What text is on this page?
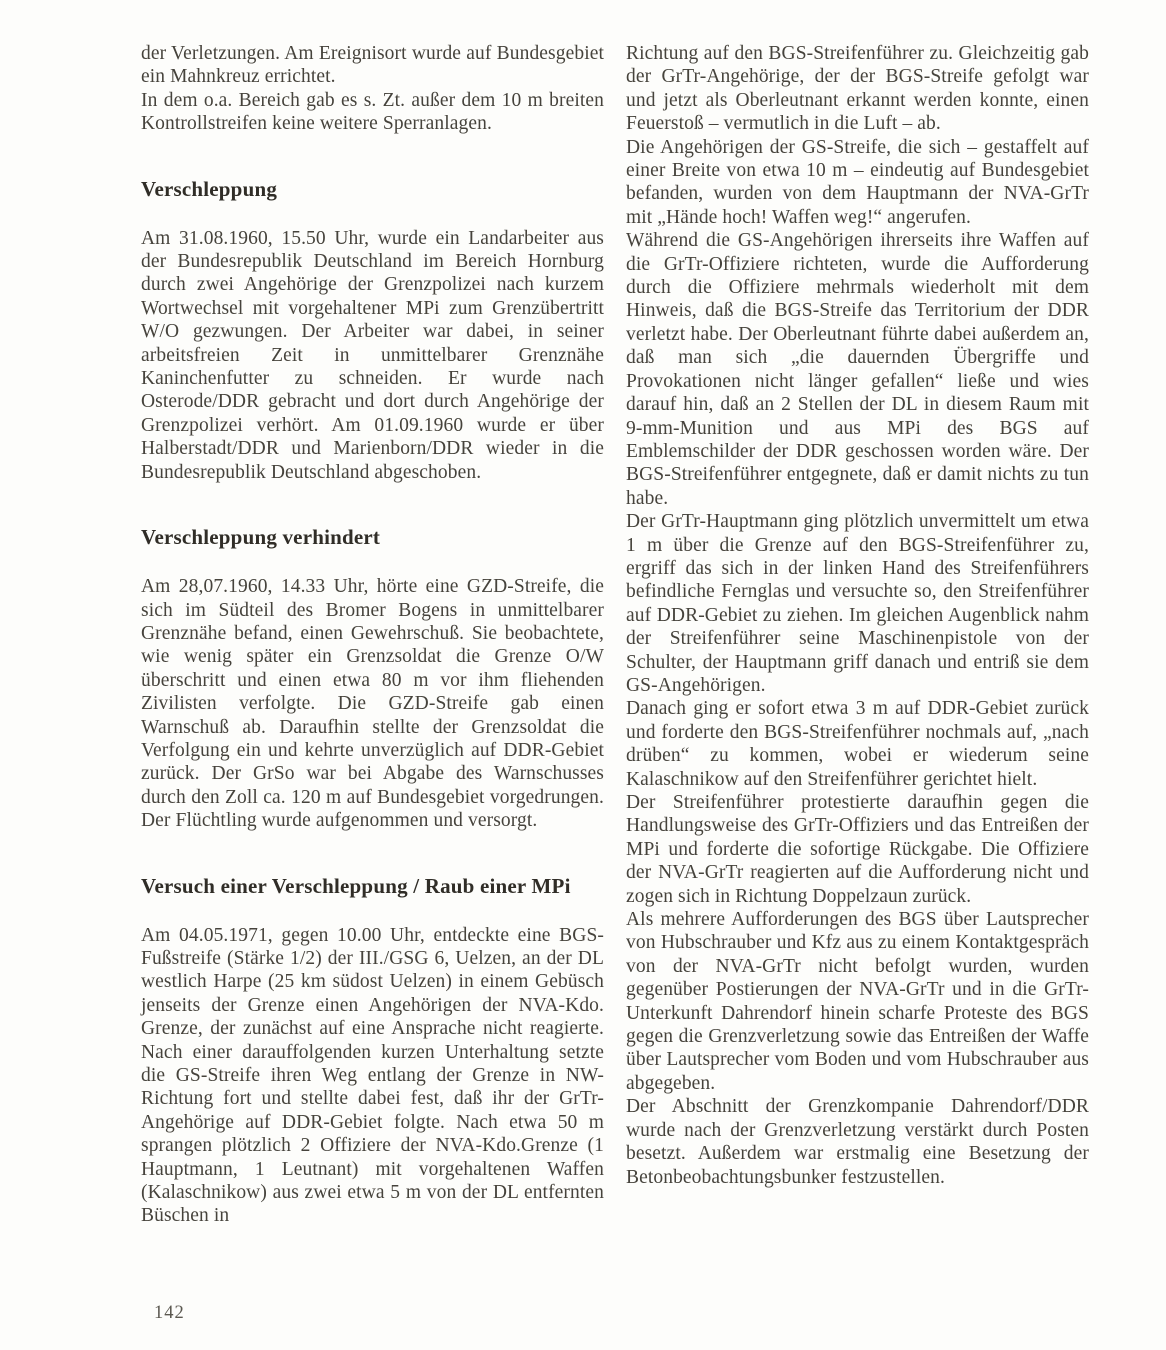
der Verletzungen. Am Ereignisort wurde auf Bundesgebiet ein Mahnkreuz errichtet.

In dem o.a. Bereich gab es s. Zt. außer dem 10 m breiten Kontrollstreifen keine weitere Sperranlagen.

Verschleppung

Am 31.08.1960, 15.50 Uhr, wurde ein Landarbeiter aus der Bundesrepublik Deutschland im Bereich Hornburg durch zwei Angehörige der Grenzpolizei nach kurzem Wortwechsel mit vorgehaltener MPi zum Grenzübertritt W/O gezwungen. Der Arbeiter war dabei, in seiner arbeitsfreien Zeit in unmittelbarer Grenznähe Kaninchenfutter zu schneiden. Er wurde nach Osterode/DDR gebracht und dort durch Angehörige der Grenzpolizei verhört. Am 01.09.1960 wurde er über Halberstadt/DDR und Marienborn/DDR wieder in die Bundesrepublik Deutschland abgeschoben.

Verschleppung verhindert

Am 28,07.1960, 14.33 Uhr, hörte eine GZD-Streife, die sich im Südteil des Bromer Bogens in unmittelbarer Grenznähe befand, einen Gewehrschuß. Sie beobachtete, wie wenig später ein Grenzsoldat die Grenze O/W überschritt und einen etwa 80 m vor ihm fliehenden Zivilisten verfolgte. Die GZD-Streife gab einen Warnschuß ab. Daraufhin stellte der Grenzsoldat die Verfolgung ein und kehrte unverzüglich auf DDR-Gebiet zurück. Der GrSo war bei Abgabe des Warnschusses durch den Zoll ca. 120 m auf Bundesgebiet vorgedrungen. Der Flüchtling wurde aufgenommen und versorgt.

Versuch einer Verschleppung / Raub einer MPi

Am 04.05.1971, gegen 10.00 Uhr, entdeckte eine BGS-Fußstreife (Stärke 1/2) der III./GSG 6, Uelzen, an der DL westlich Harpe (25 km südost Uelzen) in einem Gebüsch jenseits der Grenze einen Angehörigen der NVA-Kdo. Grenze, der zunächst auf eine Ansprache nicht reagierte. Nach einer darauffolgenden kurzen Unterhaltung setzte die GS-Streife ihren Weg entlang der Grenze in NW-Richtung fort und stellte dabei fest, daß ihr der GrTr-Angehörige auf DDR-Gebiet folgte. Nach etwa 50 m sprangen plötzlich 2 Offiziere der NVA-Kdo.Grenze (1 Hauptmann, 1 Leutnant) mit vorgehaltenen Waffen (Kalaschnikow) aus zwei etwa 5 m von der DL entfernten Büschen in

Richtung auf den BGS-Streifenführer zu. Gleichzeitig gab der GrTr-Angehörige, der der BGS-Streife gefolgt war und jetzt als Oberleutnant erkannt werden konnte, einen Feuerstoß – vermutlich in die Luft – ab.

Die Angehörigen der GS-Streife, die sich – gestaffelt auf einer Breite von etwa 10 m – eindeutig auf Bundesgebiet befanden, wurden von dem Hauptmann der NVA-GrTr mit „Hände hoch! Waffen weg!“ angerufen.

Während die GS-Angehörigen ihrerseits ihre Waffen auf die GrTr-Offiziere richteten, wurde die Aufforderung durch die Offiziere mehrmals wiederholt mit dem Hinweis, daß die BGS-Streife das Territorium der DDR verletzt habe. Der Oberleutnant führte dabei außerdem an, daß man sich „die dauernden Übergriffe und Provokationen nicht länger gefallen“ ließe und wies darauf hin, daß an 2 Stellen der DL in diesem Raum mit 9-mm-Munition und aus MPi des BGS auf Emblemschilder der DDR geschossen worden wäre. Der BGS-Streifenführer entgegnete, daß er damit nichts zu tun habe.

Der GrTr-Hauptmann ging plötzlich unvermittelt um etwa 1 m über die Grenze auf den BGS-Streifenführer zu, ergriff das sich in der linken Hand des Streifenführers befindliche Fernglas und versuchte so, den Streifenführer auf DDR-Gebiet zu ziehen. Im gleichen Augenblick nahm der Streifenführer seine Maschinenpistole von der Schulter, der Hauptmann griff danach und entriß sie dem GS-Angehörigen.

Danach ging er sofort etwa 3 m auf DDR-Gebiet zurück und forderte den BGS-Streifenführer nochmals auf, „nach drüben“ zu kommen, wobei er wiederum seine Kalaschnikow auf den Streifenführer gerichtet hielt.

Der Streifenführer protestierte daraufhin gegen die Handlungsweise des GrTr-Offiziers und das Entreißen der MPi und forderte die sofortige Rückgabe. Die Offiziere der NVA-GrTr reagierten auf die Aufforderung nicht und zogen sich in Richtung Doppelzaun zurück.

Als mehrere Aufforderungen des BGS über Lautsprecher von Hubschrauber und Kfz aus zu einem Kontaktgespräch von der NVA-GrTr nicht befolgt wurden, wurden gegenüber Postierungen der NVA-GrTr und in die GrTr-Unterkunft Dahrendorf hinein scharfe Proteste des BGS gegen die Grenzverletzung sowie das Entreißen der Waffe über Lautsprecher vom Boden und vom Hubschrauber aus abgegeben.

Der Abschnitt der Grenzkompanie Dahrendorf/DDR wurde nach der Grenzverletzung verstärkt durch Posten besetzt. Außerdem war erstmalig eine Besetzung der Betonbeobachtungsbunker festzustellen.

142
